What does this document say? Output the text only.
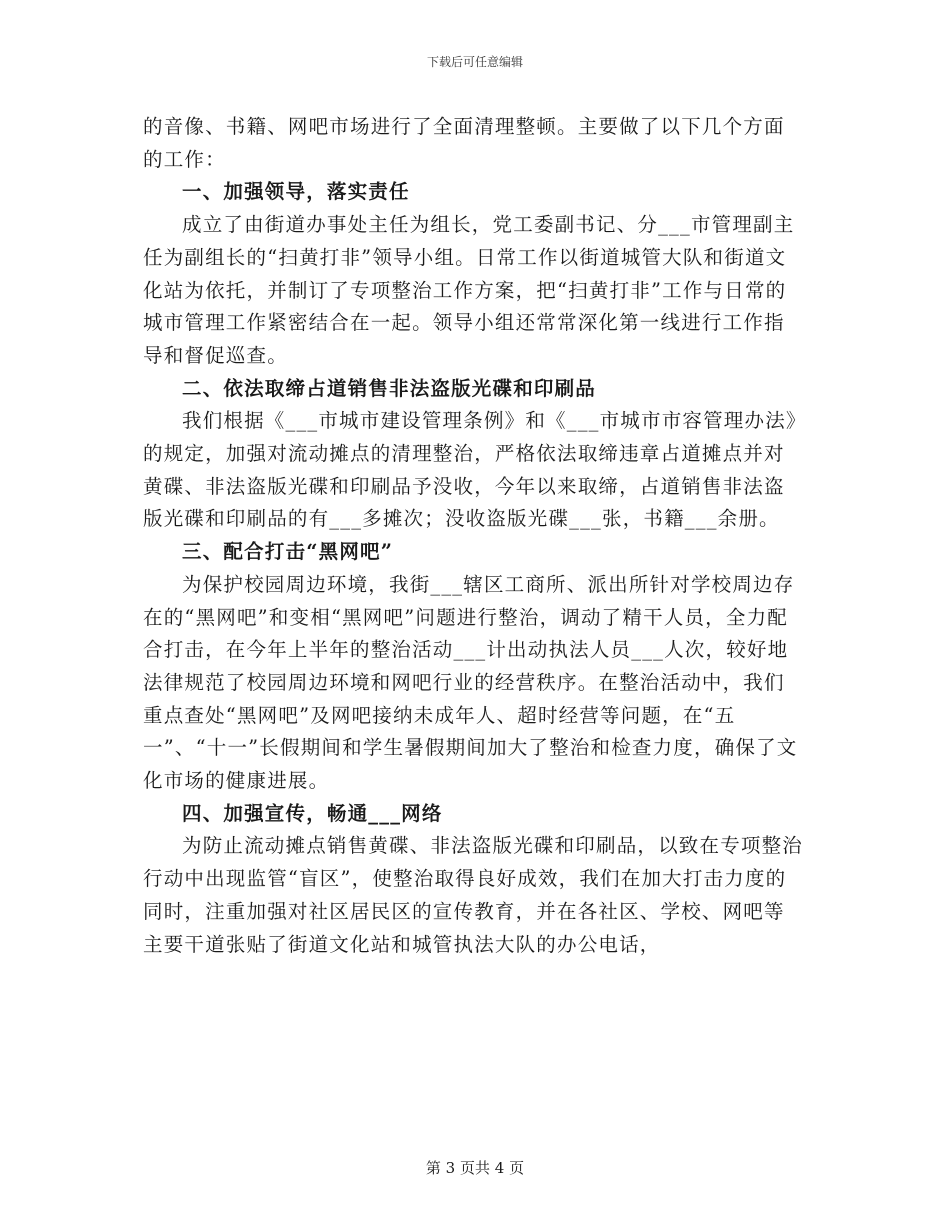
下载后可任意编辑

的音像、书籍、网吧市场进行了全面清理整顿。主要做了以下几个方面的工作：

一、加强领导，落实责任

成立了由街道办事处主任为组长，党工委副书记、分___市管理副主任为副组长的“扫黄打非”领导小组。日常工作以街道城管大队和街道文化站为依托，并制订了专项整治工作方案，把“扫黄打非”工作与日常的城市管理工作紧密结合在一起。领导小组还常常深化第一线进行工作指导和督促巡查。

二、依法取缔占道销售非法盗版光碟和印刷品

我们根据《___市城市建设管理条例》和《___市城市市容管理办法》的规定，加强对流动摊点的清理整治，严格依法取缔违章占道摊点并对黄碟、非法盗版光碟和印刷品予没收，今年以来取缔，占道销售非法盗版光碟和印刷品的有___多摊次；没收盗版光碟___张，书籍___余册。

三、配合打击“黑网吧”

为保护校园周边环境，我街___辖区工商所、派出所针对学校周边存在的“黑网吧”和变相“黑网吧”问题进行整治，调动了精干人员，全力配合打击，在今年上半年的整治活动___计出动执法人员___人次，较好地法律规范了校园周边环境和网吧行业的经营秩序。在整治活动中，我们重点查处“黑网吧”及网吧接纳未成年人、超时经营等问题，在“五一”、“十一”长假期间和学生暑假期间加大了整治和检查力度，确保了文化市场的健康进展。

四、加强宣传，畅通___网络

为防止流动摊点销售黄碟、非法盗版光碟和印刷品，以致在专项整治行动中出现监管“盲区”，使整治取得良好成效，我们在加大打击力度的同时，注重加强对社区居民区的宣传教育，并在各社区、学校、网吧等主要干道张贴了街道文化站和城管执法大队的办公电话，

第 3 页共 4 页
